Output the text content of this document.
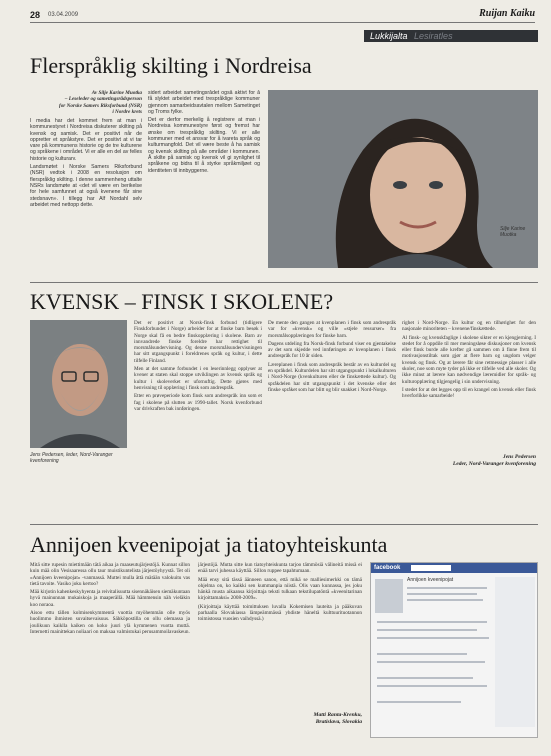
28 03.04.2009	Ruijan Kaiku
Lukkijalta Lesiratles
Flerspråklig skilting i Nordreisa
Av Silje Karine Muotka
– Leseleder og sametingsrådsperson
for Norske Samers Riksforbund (NSR)
i Nordre krets

I media har det kommet frem at man i kommunestyret i Nordreisa diskuterer skilting på kvensk og samisk. Det er positivt når de oppretter et språkstyre. Det er positivt at vi tar vare på kommunens historie og de tre kulturene og språkene i området. Vi er alle en del av felles historie og kulturarv.

Landsmøtet i Norske Samers Riksforbund (NSR) vedtok i 2008 en resolusjon om flerspråklig skilting. I denne sammenheng uttalte NSRs landsmøte at «det vil være en berikelse for hele samfunnet at også kvenene får sine stedsnavn». I tillegg har Alf Nordahl selv arbeidet med nettopp dette.

sidert arbeidet sametingsrådet også aktivt for å få slyktet arbeidet med trespråklige kommuner gjennom samarbeidsavtalen mellom Sametinget og Troms fylke.

Det er derfor merkelig å registrere at man i Nordreisa kommunestyre først og fremst har ønske om trespråklig skilting. Vi er alle kommuner med et ansvar for å ivareta språk og kulturmangfold. Det vil være beste å ha samisk og kvensk skilting på alle områder i kommunen. Å skilte på samisk og kvensk vil gi synlighet til språkene og bidra til å styrke språkmiljøet og identiteten til innbyggerne.

Silje Karine Muotka
KVENSK – FINSK I SKOLENE?
Jens Pedersen, leder, Nord-Varanger kvenforening

Det er positivt at Norsk-finsk forbund (tidligere Finskforbundet i Norge) arbeider for at finske barn besøk i Norge skal få en bedre finskopplæring i skolene. Barn av innvandrede finske foreldre har rettighet til morsmålsundervisning. Og denne morsmålsundervisningen har sitt utgangspunkt i foreldrenes språk og kultur, i dette tilfelle Finland.

Men at det samme forbundet i en leserinnlegg opplyser at kvener at staten skal stoppe utviklingen av kvensk språk og kultur i skoleverket er ufornuftig. Dette gjøres med henvisning til opplæring i finsk som andrespråk.

Etter en prøveperiode kom finsk som andrespråk inn som et fag i skolene på slutten av 1990-tallet. Norsk kvenforbund var drivkraften bak innføringen.

De mente den gangen at kvenplanen i finsk som andrespråk var for «kvensk» og ville «stjele ressurser» fra morsmålsopplæringen for finske barn.

Dagens utdeling fra Norsk-finsk forbund viser en gjentakelse av det som skjedde ved innføringen av kvenplanen i finsk andrespråk for 10 år siden.

Læreplanen i finsk som andrespråk består av en kulturdel og en språkdel. Kulturdelen har sitt utgangspunkt i lokalkulturen i Nord-Norge (kvenkulturen eller de finskættede kultur). Og språkdelen har sitt utgangspunkt i det kvenske eller det finske språket som har blitt og blir snakket i Nord-Norge.

righet i Nord-Norge. En kultur og en tilhørighet for den nasjonale minoriteten – kvenene/finskættede.

Al finsk- og kvenskfaglige i skolene sikter er en kjengjerning. I stedet for å oppdile til mer meningsløse diskusjoner om kvensk eller finsk burde alle krefter gå sammen om å finne frem til motivasjonstiltak som gjør at flere barn og ungdom velger kvensk og finsk. Og at lærere får sine retmessige plasser i alle skoler, noe som myte tyder på ikke er tilfelle ved alle skoler. Og ikke minst at lærere kan nødvendige læremidler for språk- og kulturopplæring tilgjengelig i sin undervisning.

I stedet for at det legges opp til en krangel om kvensk eller finsk hverforlikke samarbeide!

Jens Pedersen
Leder, Nord-Varanger kvenforening
Annijoen kveenipojat ja tiatoyhteiskunta

Mitä sitte rupesin miettimään tätä aikaa ja maaseutujärjestöjä. Kunnat sillon kuin mää olin Vesisaaressa ollu taur muistikuntelista järjestöyhyystä. Tet oli «Annijoen kveenipojat» -vanmassä. Muttei mulla ättä mätään valokuitu vas tietä tavoite. Vasiko joku kertoo?

Mää kirjotin kahenkeskyhyenta ja reivitalisuutta sisennäkäisen siemäkuntaan hyvä mainunnan mukaiskoja ja maaperällä. Mää hämmensin näh vieläkin koo noraoa.

Aisoo ettu tällen kolmisenkymmentä vuottia myöhemmän olle myös huolimmo ihmisten suvaitsevaisuus. Sähköpostilla on ollu olemassa ja joulikuun kaiklla kaiken on koko juuri ylä kymmenen vuotta muttä. Internetti mainittekan noliaari on maksaa valmistukai perusammoilavaskeun.

järjestöjä. Mutta sitte kun tiatoyhteiskunta tarjoo tämmösiä välineitä missä ei enää tarvi juhessa käyttää. Sillon ruppee tapahtumaan.

Mää ensy sitä tässä äänneen sanoo, että mikä se malliesimerkki on tämä ohjelma on, ko kaikki sen kummanpia niistä. Olis vaan kunnassa, jes joku hänkä musta aikaansa kirjoittaja teksti tulkaan tekstilupatöntä «kveenitarinan kirjoittamaksi» 2008-2009».

(Kirjoittaja käyttää toimittuksen luvalla Kokemisen lauteita ja pääkuvan parhaalla Slovakiassa lämpeämmässä yhdiste häneltä kulttuurituotannon toimistossa vuosien vaihdyssä.)

Matti Ranta-Krenku,
Bratislava, Slovakia
facebook
Annijoen kveenipojat
